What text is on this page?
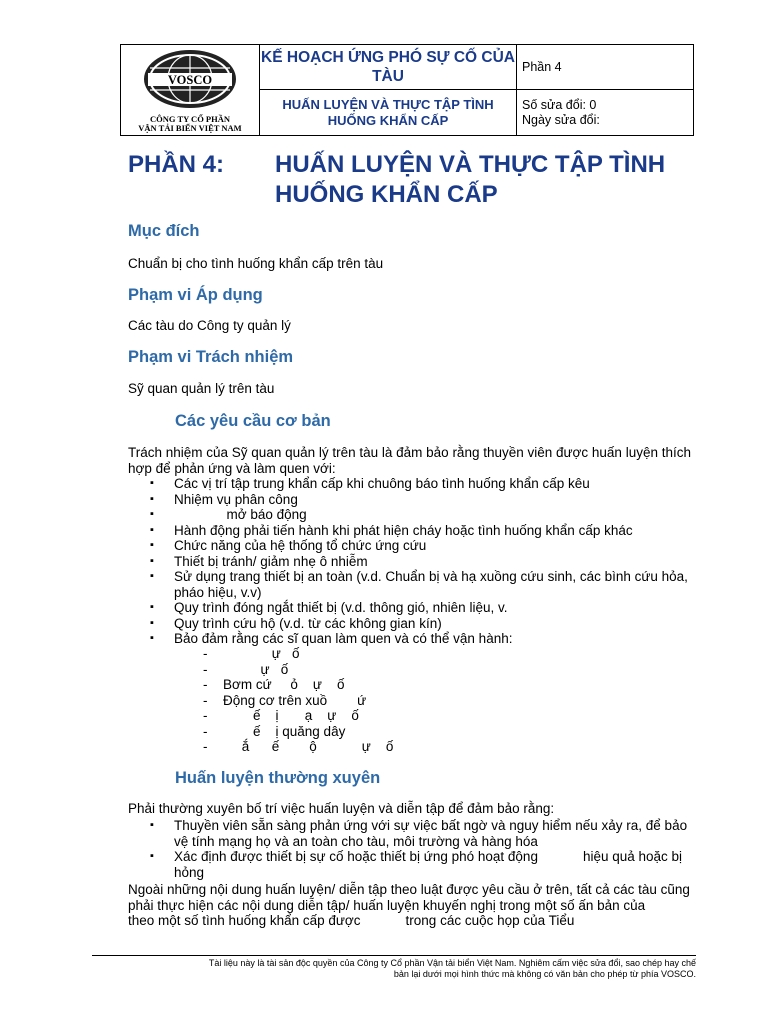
VOSCO
CÔNG TY CỔ PHẦN
VẬN TẢI BIỂN VIỆT NAM	KẾ HOẠCH ỨNG PHÓ SỰ CỐ CỦA TÀU	Phần 4
	HUẤN LUYỆN VÀ THỰC TẬP TÌNH HUỐNG KHẨN CẤP	Số sửa đổi: 0
Ngày sửa đổi:
PHẦN 4:	HUẤN LUYỆN VÀ THỰC TẬP TÌNH HUỐNG KHẨN CẤP
Mục đích

Chuẩn bị cho tình huống khẩn cấp trên tàu

Phạm vi Áp dụng

Các tàu do Công ty quản lý

Phạm vi Trách nhiệm

Sỹ quan quản lý trên tàu

Các yêu cầu cơ bản

Trách nhiệm của Sỹ quan quản lý trên tàu là đảm bảo rằng thuyền viên được huấn luyện thích hợp để phản ứng và làm quen với:

▪ Các vị trí tập trung khẩn cấp khi chuông báo tình huống khẩn cấp kêu
▪ Nhiệm vụ phân công
▪               mở báo động
▪ Hành động phải tiến hành khi phát hiện cháy hoặc tình huống khẩn cấp khác
▪ Chức năng của hệ thống tổ chức ứng cứu
▪ Thiết bị tránh/ giảm nhẹ ô nhiễm
▪ Sử dụng trang thiết bị an toàn (v.d. Chuẩn bị và hạ xuồng cứu sinh, các bình cứu hỏa, pháo hiệu, v.v)
▪ Quy trình đóng ngắt thiết bị (v.d. thông gió, nhiên liệu, v.
▪ Quy trình cứu hộ (v.d. từ các không gian kín)
▪ Bảo đảm rằng các sĩ quan làm quen và có thể vận hành:
-              ự   ố
-           ự   ố
- Bơm cứ     ỏ    ự    ố
- Động cơ trên xuồ        ứ
-         ế    ị       ạ    ự    ố
-         ế    ị quăng dây
-      ắ      ế        ộ            ự    ố
Huấn luyện thường xuyên

Phải thường xuyên bố trí việc huấn luyện và diễn tập để đảm bảo rằng:

▪ Thuyền viên sẵn sàng phản ứng với sự việc bất ngờ và nguy hiểm nếu xảy ra, để bảo vệ tính mạng họ và an toàn cho tàu, môi trường và hàng hóa
▪ Xác định được thiết bị sự cố hoặc thiết bị ứng phó hoạt động            hiệu quả hoặc bị hỏng

Ngoài những nội dung huấn luyện/ diễn tập theo luật được yêu cầu ở trên, tất cả các tàu cũng phải thực hiện các nội dung diễn tập/ huấn luyện khuyến nghị trong một số ấn bản của           theo một số tình huống khẩn cấp được            trong các cuộc họp của Tiểu

Tài liệu này là tài sản độc quyền của Công ty Cổ phần Vận tải biển Việt Nam. Nghiêm cấm việc sửa đổi, sao chép hay chế
bản lại dưới mọi hình thức mà không có văn bản cho phép từ phía VOSCO.
